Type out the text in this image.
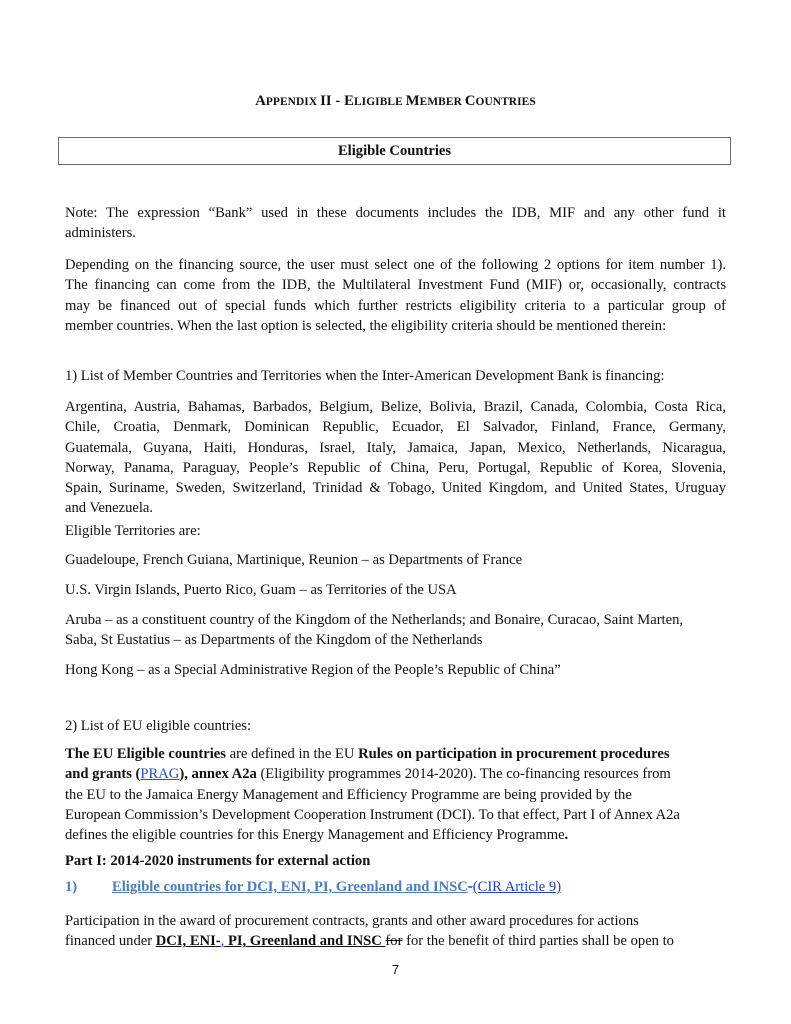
APPENDIX II - ELIGIBLE MEMBER COUNTRIES
Eligible Countries
Note: The expression “Bank” used in these documents includes the IDB, MIF and any other fund it
administers.
Depending on the financing source, the user must select one of the following 2 options for item number 1).
The financing can come from the IDB, the Multilateral Investment Fund (MIF) or, occasionally, contracts
may be financed out of special funds which further restricts eligibility criteria to a particular group of
member countries. When the last option is selected, the eligibility criteria should be mentioned therein:
1) List of Member Countries and Territories when the Inter-American Development Bank is financing:
Argentina, Austria, Bahamas, Barbados, Belgium, Belize, Bolivia, Brazil, Canada, Colombia, Costa Rica,
Chile, Croatia, Denmark, Dominican Republic, Ecuador, El Salvador, Finland, France, Germany,
Guatemala, Guyana, Haiti, Honduras, Israel, Italy, Jamaica, Japan, Mexico, Netherlands, Nicaragua,
Norway, Panama, Paraguay, People’s Republic of China, Peru, Portugal, Republic of Korea, Slovenia,
Spain, Suriname, Sweden, Switzerland, Trinidad & Tobago, United Kingdom, and United States, Uruguay
and Venezuela.
Eligible Territories are:
Guadeloupe, French Guiana, Martinique, Reunion – as Departments of France
U.S. Virgin Islands, Puerto Rico, Guam – as Territories of the USA
Aruba – as a constituent country of the Kingdom of the Netherlands; and Bonaire, Curacao, Saint Marten,
Saba, St Eustatius – as Departments of the Kingdom of the Netherlands
Hong Kong – as a Special Administrative Region of the People’s Republic of China”
2) List of EU eligible countries:
The EU Eligible countries are defined in the EU Rules on participation in procurement procedures
and grants (PRAG), annex A2a (Eligibility programmes 2014-2020). The co-financing resources from
the EU to the Jamaica Energy Management and Efficiency Programme are being provided by the
European Commission’s Development Cooperation Instrument (DCI). To that effect, Part I of Annex A2a
defines the eligible countries for this Energy Management and Efficiency Programme.
Part I: 2014-2020 instruments for external action
1) Eligible countries for DCI, ENI, PI, Greenland and INSC-(CIR Article 9)
Participation in the award of procurement contracts, grants and other award procedures for actions
financed under DCI, ENI-, PI, Greenland and INSC for for the benefit of third parties shall be open to
7
